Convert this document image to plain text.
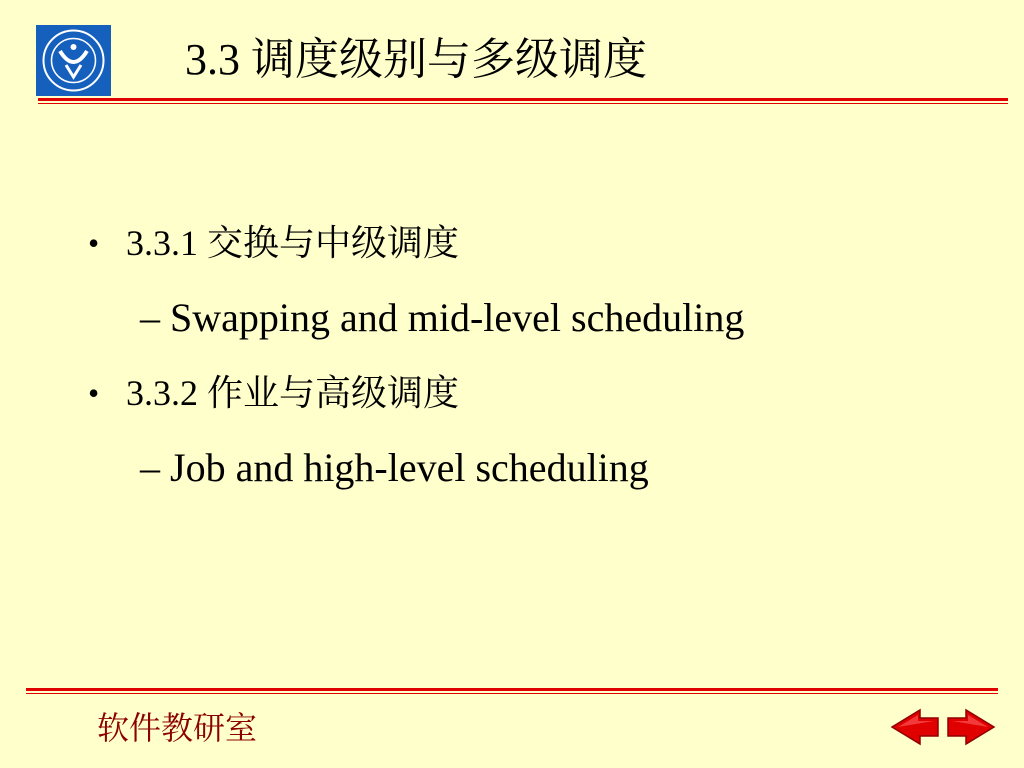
3.3 调度级别与多级调度
• 3.3.1 交换与中级调度
– Swapping and mid-level scheduling
• 3.3.2 作业与高级调度
– Job and high-level scheduling
软件教研室
